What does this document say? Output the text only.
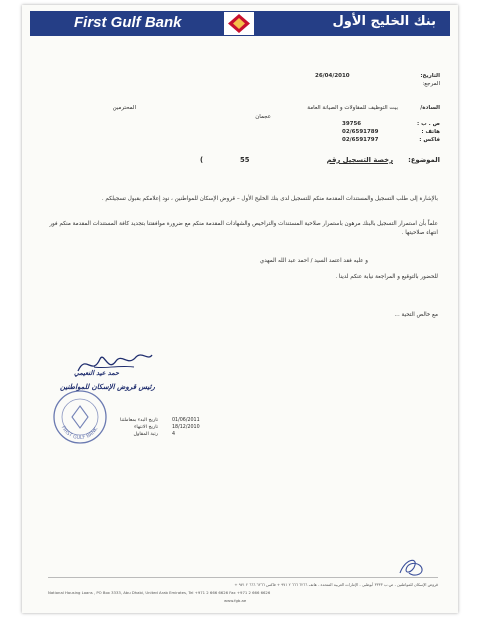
First Gulf Bank	بنك الخليج الأول
التاريخ:
26/04/2010
المرجع:
السادة/
بيت التوظيف للمقاولات و الصيانة العامة
المحترمين
عجمان
ص . ب :
39756
هاتف :
02/6591789
فاكس :
02/6591797
الموضوع:
رخصة التسجيل رقم
55
(
بالإشارة إلى طلب التسجيل والمستندات المقدمة منكم للتسجيل لدى بنك الخليج الأول – قروض الإسكان للمواطنين ، نود إعلامكم بقبول تسجيلكم .
علماً بأن استمرار التسجيل بالبنك مرهون باستمرار صلاحية المستندات والتراخيص والشهادات المقدمة منكم مع ضرورة موافقتنا بتجديد كافة المستندات المقدمة منكم فور انتهاء صلاحيتها .
و عليه فقد اعتمد السيد / احمد عبد الله المهدي
للحضور بالتوقيع و المراجعة نيابة عنكم لدينا .
مع خالص التحية ...
حمد عيد النعيمي
رئيس قروض الإسكان للمواطنين
FIRST GULF BANK
تاريخ البدء بمعاملتنا	01/06/2011
تاريخ الانتهاء	18/12/2010
رتبة المقاول	4
قروض الإسكان للمواطنين ، ص.ب ٣٣٣٣ أبوظبي - الإمارات العربية المتحدة - هاتف ٦٢٦٦ ٦٦٦ ٢ ٩٧١ + فاكس ٦٢٦٦ ٦٦٦ ٢ ٩٧١ +
National Housing Loans , PO Box 3333, Abu Dhabi, United Arab Emirates, Tel +971 2 666 6626 Fax +971 2 666 6626
www.fgb.ae
